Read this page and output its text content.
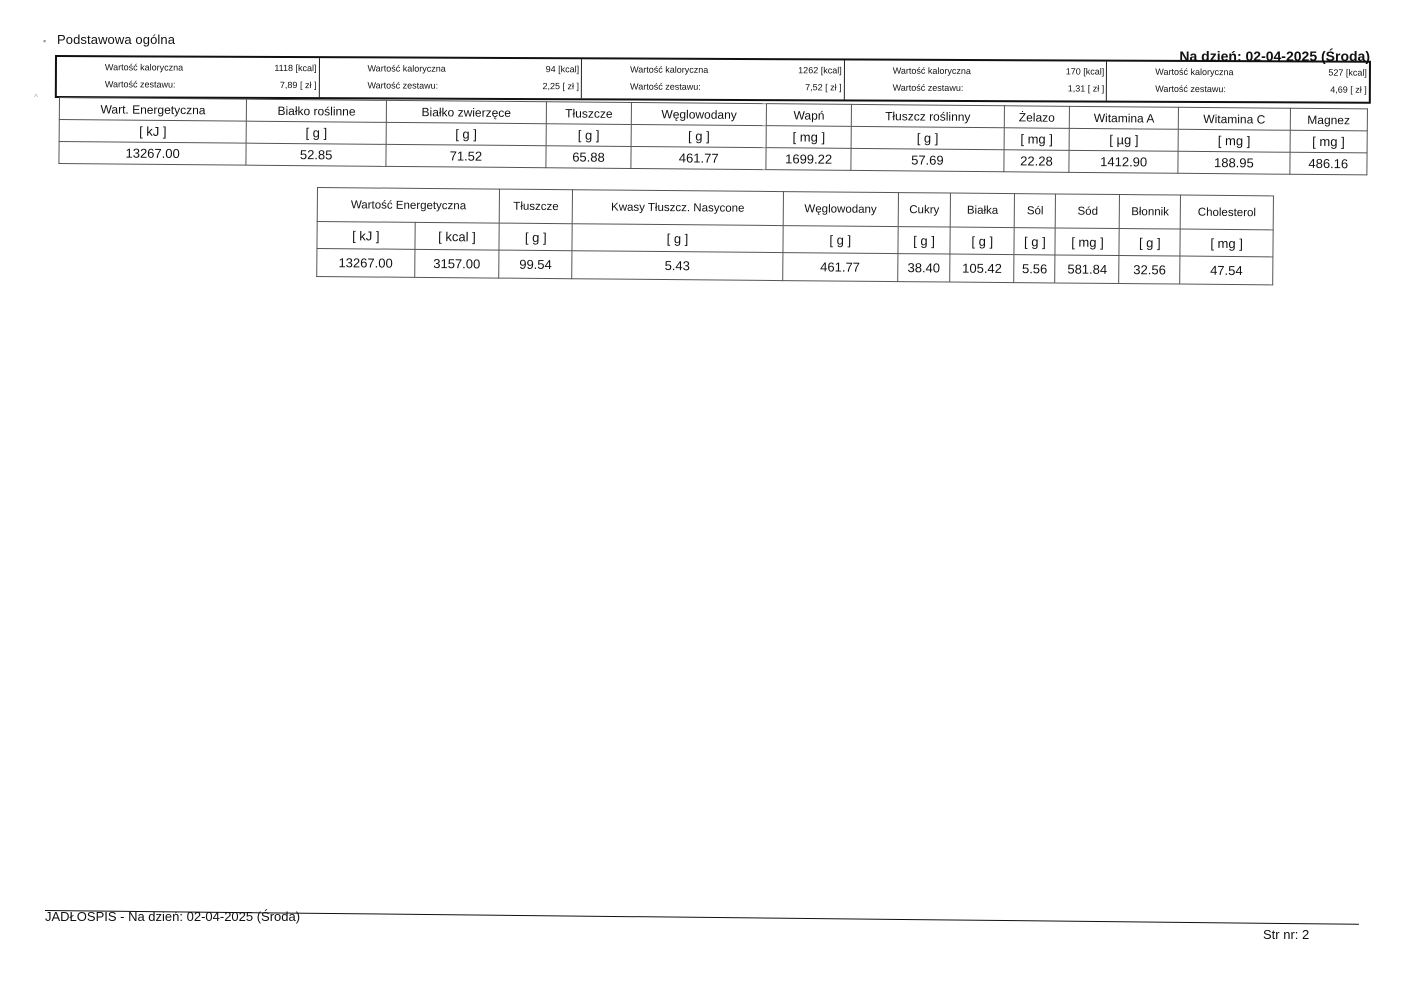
▪
^
Podstawowa ogólna
Na dzień: 02-04-2025 (Środa)
Wartość kaloryczna	1118 [kcal]
Wartość zestawu:	7,89 [ zł ]
Wartość kaloryczna	94 [kcal]
Wartość zestawu:	2,25 [ zł ]
Wartość kaloryczna	1262 [kcal]
Wartość zestawu:	7,52 [ zł ]
Wartość kaloryczna	170 [kcal]
Wartość zestawu:	1,31 [ zł ]
Wartość kaloryczna	527 [kcal]
Wartość zestawu:	4,69 [ zł ]
Wart. Energetyczna	Białko roślinne	Białko zwierzęce	Tłuszcze	Węglowodany	Wapń	Tłuszcz roślinny	Żelazo	Witamina A	Witamina C	Magnez
[ kJ ]	[ g ]	[ g ]	[ g ]	[ g ]	[ mg ]	[ g ]	[ mg ]	[ µg ]	[ mg ]	[ mg ]
13267.00	52.85	71.52	65.88	461.77	1699.22	57.69	22.28	1412.90	188.95	486.16
Wartość Energetyczna		Tłuszcze	Kwasy Tłuszcz. Nasycone	Węglowodany	Cukry	Białka	Sól	Sód	Błonnik	Cholesterol
[ kJ ]	[ kcal ]	[ g ]	[ g ]	[ g ]	[ g ]	[ g ]	[ g ]	[ mg ]	[ g ]	[ mg ]
13267.00	3157.00	99.54	5.43	461.77	38.40	105.42	5.56	581.84	32.56	47.54
JADŁOSPIS - Na dzień: 02-04-2025 (Środa)
Str nr: 2
